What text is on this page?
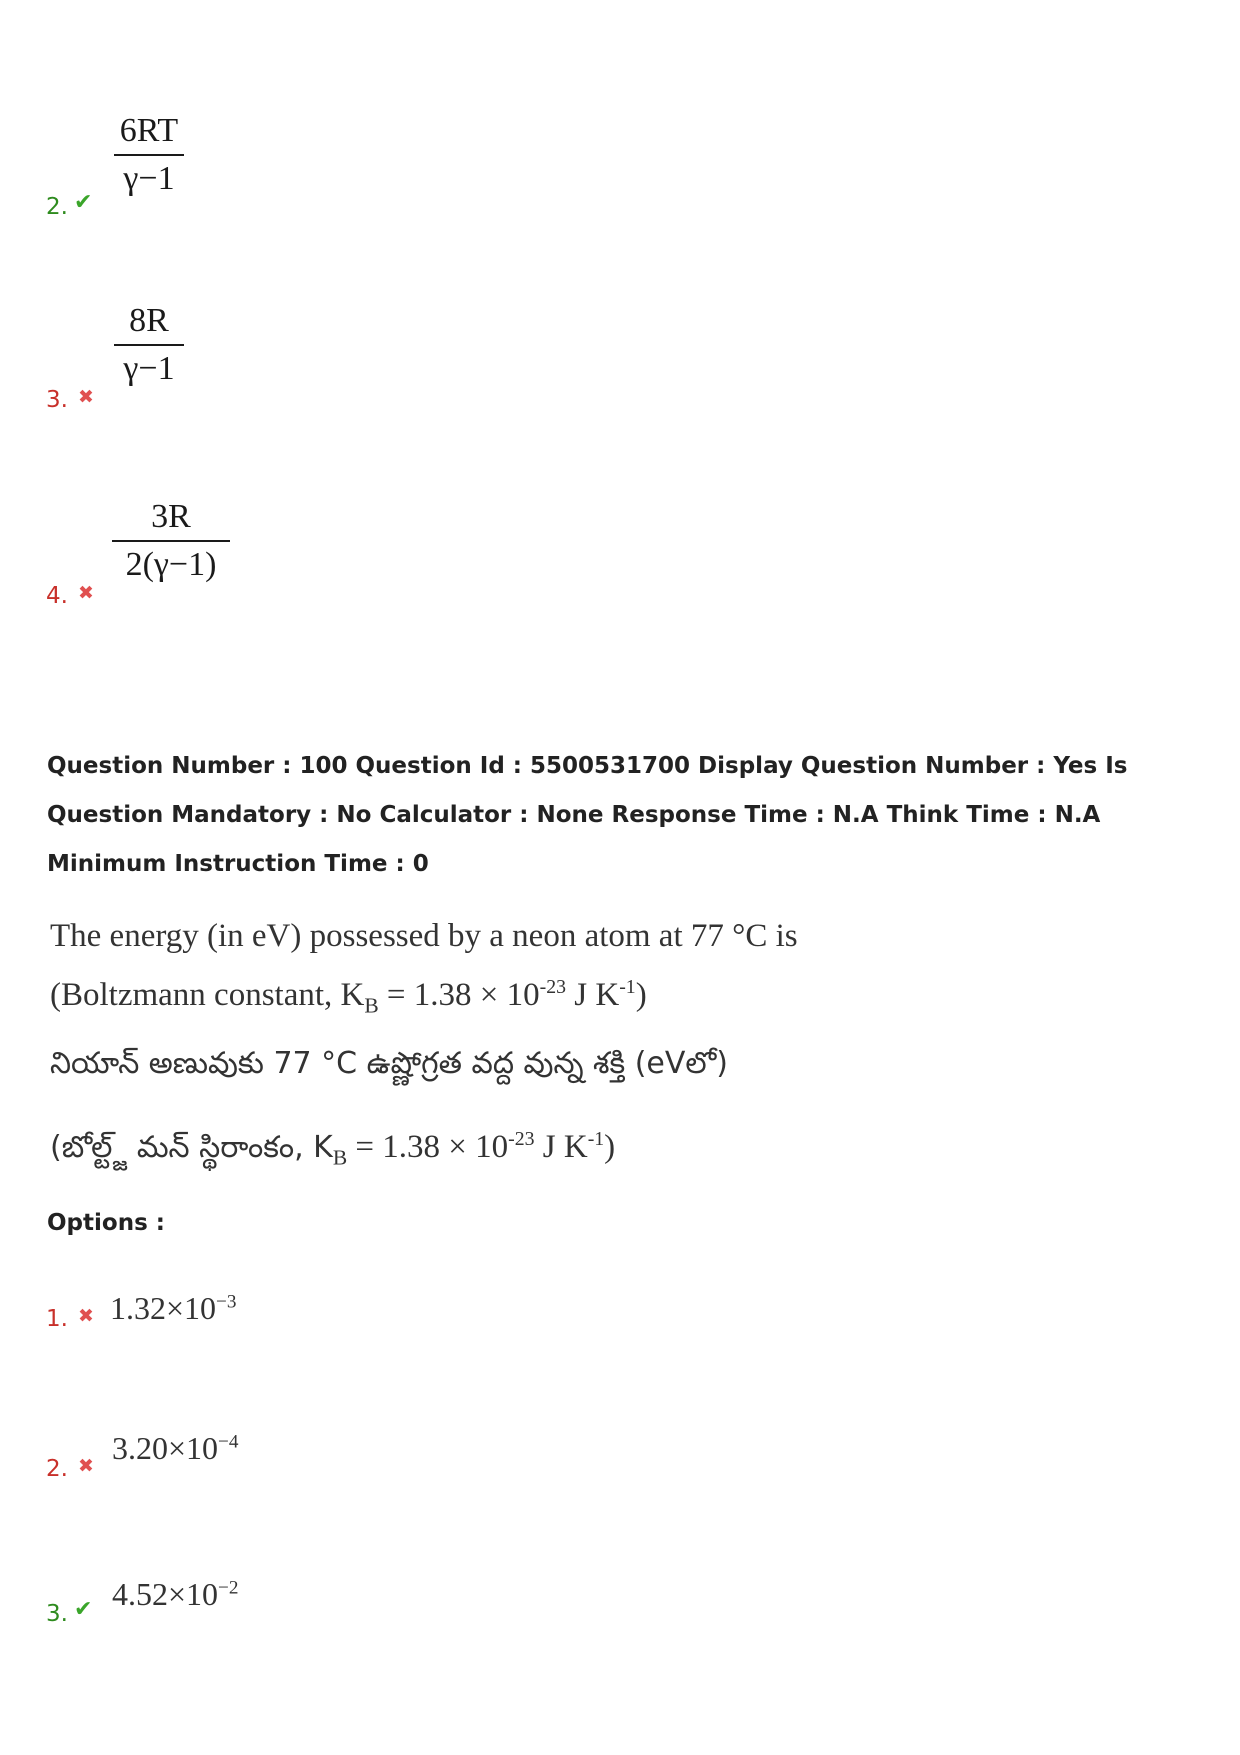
2. ✔
6RT
γ−1
3. ✖
8R
γ−1
4. ✖
3R
2(γ−1)
Question Number : 100 Question Id : 5500531700 Display Question Number : Yes Is Question Mandatory : No Calculator : None Response Time : N.A Think Time : N.A Minimum Instruction Time : 0
The energy (in eV) possessed by a neon atom at 77 °C is
(Boltzmann constant, $K_B = 1.38 \times 10^{-23}$ J $K^{-1}$)
నియాన్ అణువుకు 77 °C ఉష్ణోగ్రత వద్ద వున్న శక్తి (eVలో)
(బోల్ట్జ్ మన్ స్థిరాంకం, $K_B = 1.38 \times 10^{-23}$ J $K^{-1}$)
Options :
1. ✖ $1.32\times 10^{-3}$
2. ✖ $3.20\times 10^{-4}$
3. ✔ $4.52\times 10^{-2}$
